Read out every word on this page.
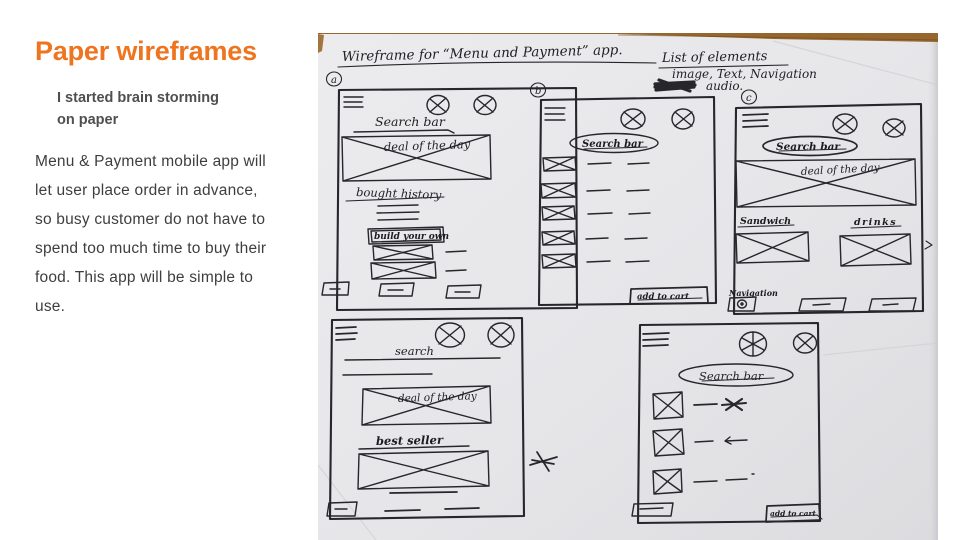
Paper wireframes
I started brain storming
on paper
Menu & Payment mobile app will
let user place order in advance,
so busy customer do not have to
spend too much time to buy their
food. This app will be simple to
use.
Wireframe for “Menu and Payment” app.	List of elements
image, Text, Navigation
audio.
a
Search bar
deal of the day
bought history
build your own
b
Search bar
add to cart
c
Search bar
deal of the day
Sandwich	drinks
Navigation
search
deal of the day
best seller
Search bar
add to cart
